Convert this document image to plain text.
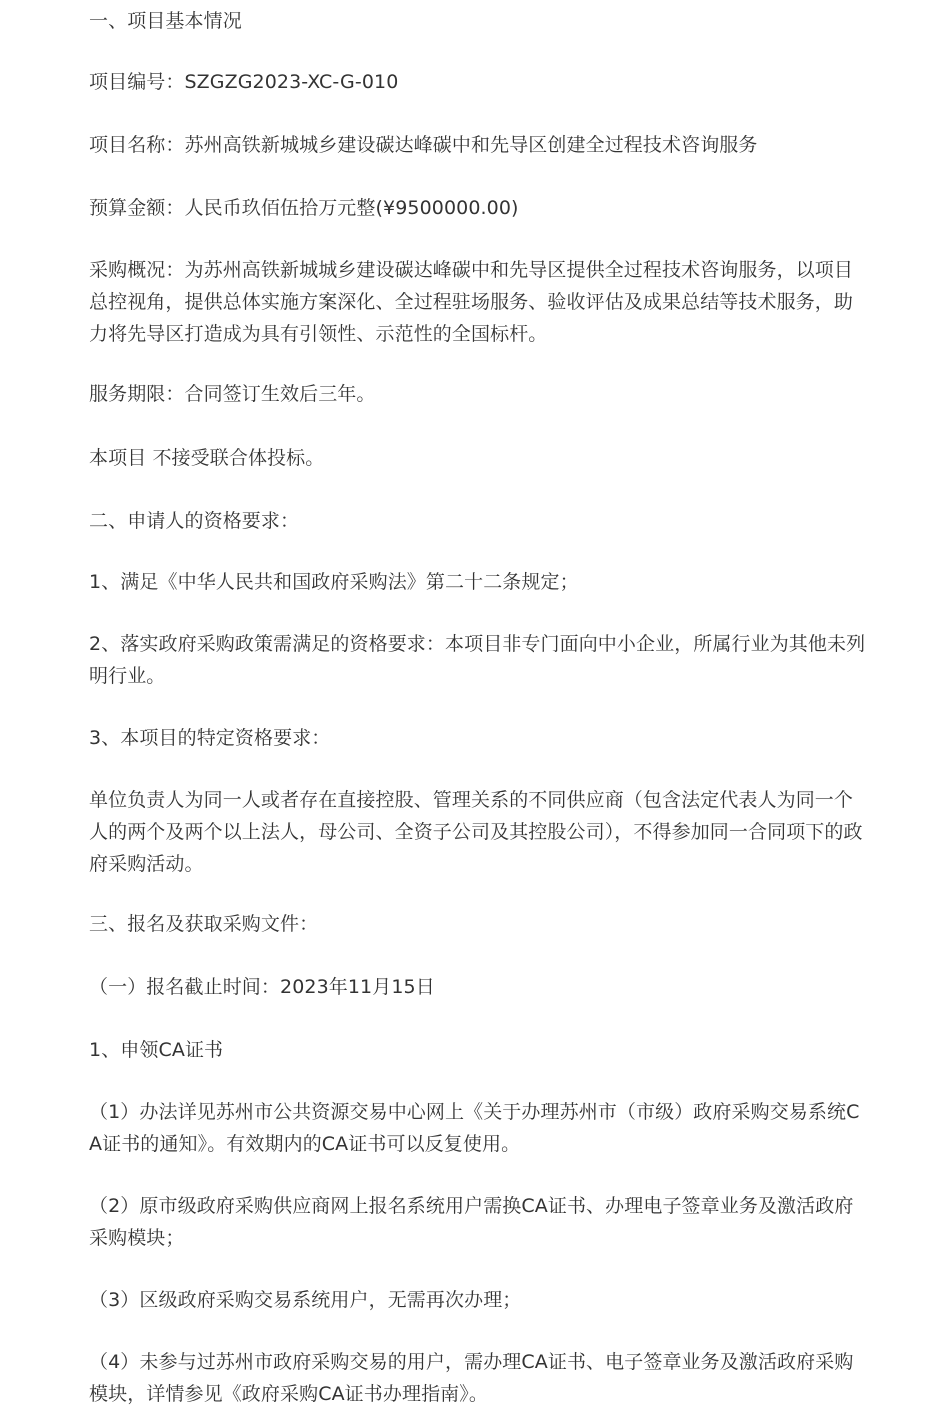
一、项目基本情况

项目编号：SZGZG2023-XC-G-010

项目名称：苏州高铁新城城乡建设碳达峰碳中和先导区创建全过程技术咨询服务

预算金额：人民币玖佰伍拾万元整(¥9500000.00)

采购概况：为苏州高铁新城城乡建设碳达峰碳中和先导区提供全过程技术咨询服务，以项目总控视角，提供总体实施方案深化、全过程驻场服务、验收评估及成果总结等技术服务，助力将先导区打造成为具有引领性、示范性的全国标杆。

服务期限：合同签订生效后三年。

本项目 不接受联合体投标。

二、申请人的资格要求：

1、满足《中华人民共和国政府采购法》第二十二条规定；

2、落实政府采购政策需满足的资格要求：本项目非专门面向中小企业，所属行业为其他未列明行业。

3、本项目的特定资格要求：

单位负责人为同一人或者存在直接控股、管理关系的不同供应商（包含法定代表人为同一个人的两个及两个以上法人，母公司、全资子公司及其控股公司），不得参加同一合同项下的政府采购活动。

三、报名及获取采购文件：

（一）报名截止时间：2023年11月15日

1、申领CA证书

（1）办法详见苏州市公共资源交易中心网上《关于办理苏州市（市级）政府采购交易系统CA证书的通知》。有效期内的CA证书可以反复使用。

（2）原市级政府采购供应商网上报名系统用户需换CA证书、办理电子签章业务及激活政府采购模块；

（3）区级政府采购交易系统用户，无需再次办理；

（4）未参与过苏州市政府采购交易的用户，需办理CA证书、电子签章业务及激活政府采购模块，详情参见《政府采购CA证书办理指南》。
